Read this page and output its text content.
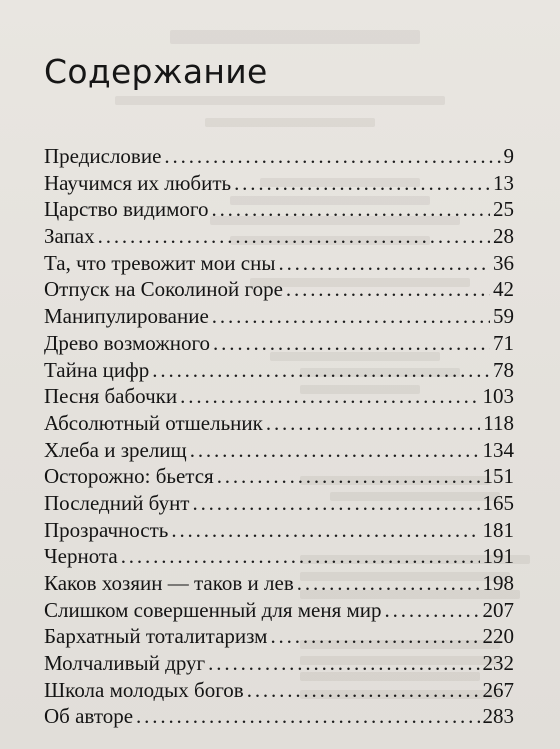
Содержание
Предисловие . . .	9
Научимся их любить . . .	13
Царство видимого . . .	25
Запах . . .	28
Та, что тревожит мои сны . . .	36
Отпуск на Соколиной горе . . .	42
Манипулирование . . .	59
Древо возможного . . .	71
Тайна цифр . . .	78
Песня бабочки . . .	103
Абсолютный отшельник . . .	118
Хлеба и зрелищ . . .	134
Осторожно: бьется . . .	151
Последний бунт . . .	165
Прозрачность . . .	181
Чернота . . .	191
Каков хозяин — таков и лев . . .	198
Слишком совершенный для меня мир . . .	207
Бархатный тоталитаризм . . .	220
Молчаливый друг . . .	232
Школа молодых богов . . .	267
Об авторе . . .	283
